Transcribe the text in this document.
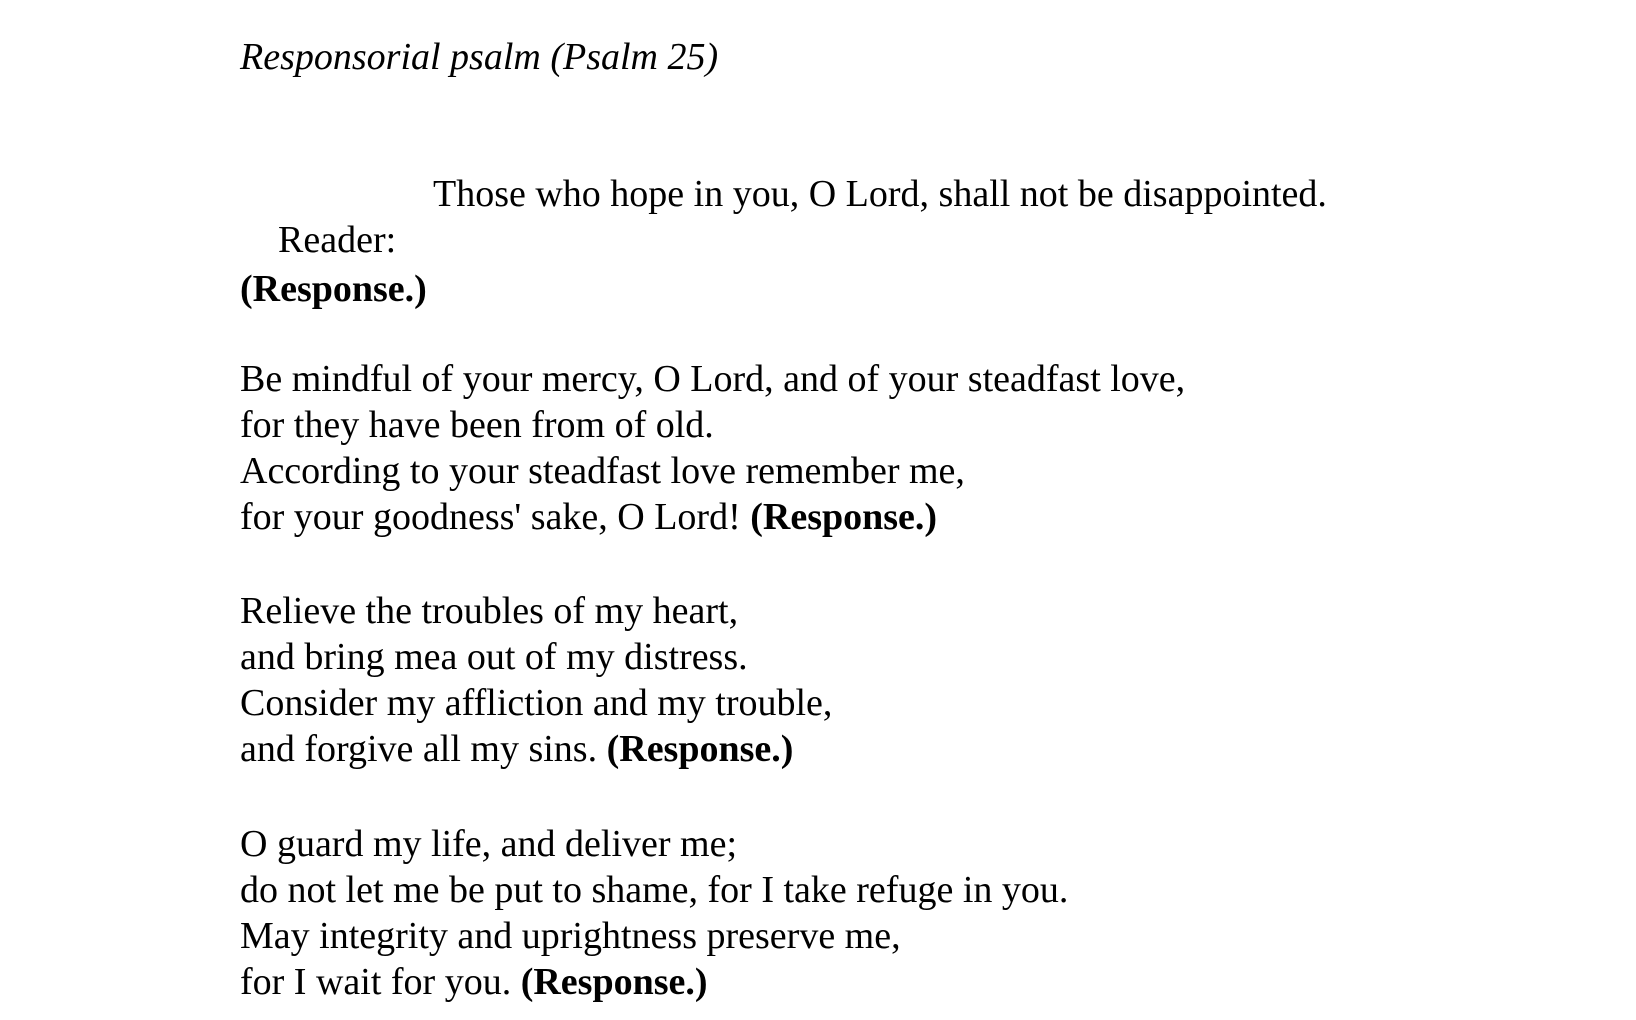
Responsorial psalm (Psalm 25)

Reader:

Those who hope in you, O Lord, shall not be disappointed.

(Response.)

Be mindful of your mercy, O Lord, and of your steadfast love,

for they have been from of old.

According to your steadfast love remember me,

for your goodness' sake, O Lord! (Response.)

Relieve the troubles of my heart,

and bring mea out of my distress.

Consider my affliction and my trouble,

and forgive all my sins. (Response.)

O guard my life, and deliver me;

do not let me be put to shame, for I take refuge in you.

May integrity and uprightness preserve me,

for I wait for you. (Response.)
